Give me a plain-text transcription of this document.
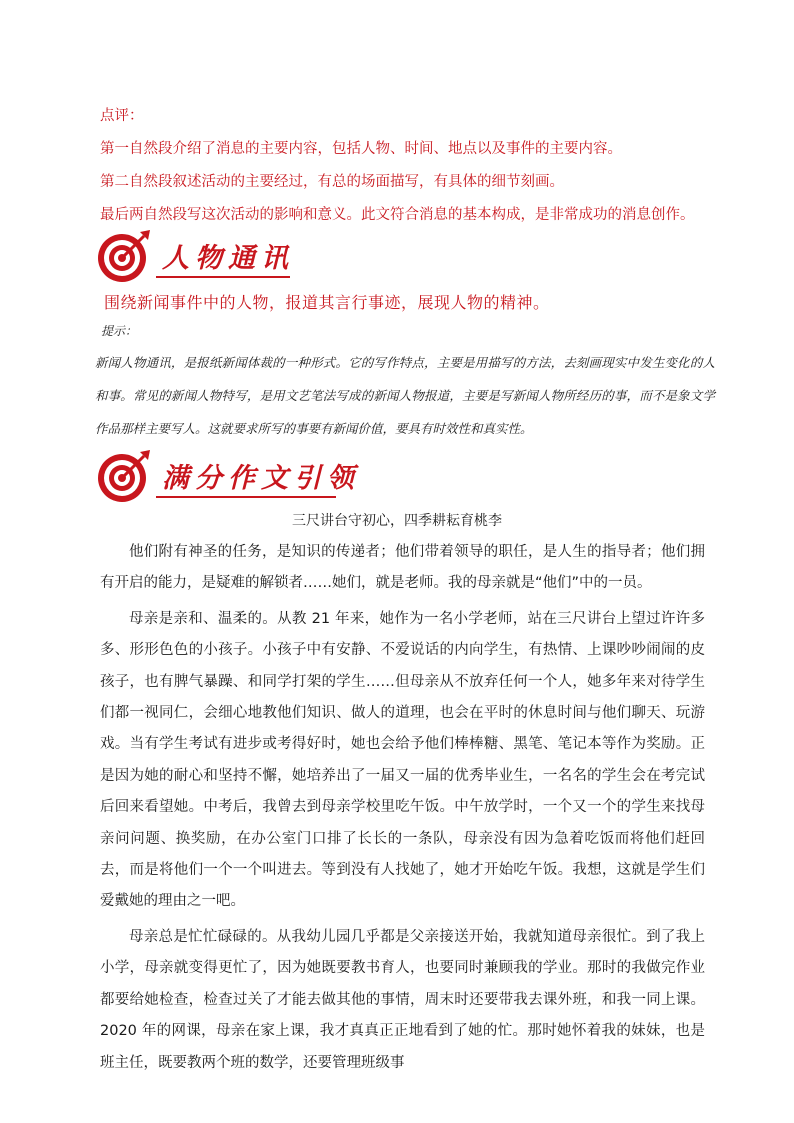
点评：

第一自然段介绍了消息的主要内容，包括人物、时间、地点以及事件的主要内容。

第二自然段叙述活动的主要经过，有总的场面描写，有具体的细节刻画。

最后两自然段写这次活动的影响和意义。此文符合消息的基本构成，是非常成功的消息创作。

人物通讯
围绕新闻事件中的人物，报道其言行事迹，展现人物的精神。
提示：

新闻人物通讯，是报纸新闻体裁的一种形式。它的写作特点，主要是用描写的方法，去刻画现实中发生变化的人和事。常见的新闻人物特写，是用文艺笔法写成的新闻人物报道，主要是写新闻人物所经历的事，而不是象文学作品那样主要写人。这就要求所写的事要有新闻价值，要具有时效性和真实性。

满分作文引领
三尺讲台守初心，四季耕耘育桃李

他们附有神圣的任务，是知识的传递者；他们带着领导的职任，是人生的指导者；他们拥有开启的能力，是疑难的解锁者……她们，就是老师。我的母亲就是“他们”中的一员。

母亲是亲和、温柔的。从教 21 年来，她作为一名小学老师，站在三尺讲台上望过许许多多、形形色色的小孩子。小孩子中有安静、不爱说话的内向学生，有热情、上课吵吵闹闹的皮孩子，也有脾气暴躁、和同学打架的学生……但母亲从不放弃任何一个人，她多年来对待学生们都一视同仁，会细心地教他们知识、做人的道理，也会在平时的休息时间与他们聊天、玩游戏。当有学生考试有进步或考得好时，她也会给予他们棒棒糖、黑笔、笔记本等作为奖励。正是因为她的耐心和坚持不懈，她培养出了一届又一届的优秀毕业生，一名名的学生会在考完试后回来看望她。中考后，我曾去到母亲学校里吃午饭。中午放学时，一个又一个的学生来找母亲问问题、换奖励，在办公室门口排了长长的一条队，母亲没有因为急着吃饭而将他们赶回去，而是将他们一个一个叫进去。等到没有人找她了，她才开始吃午饭。我想，这就是学生们爱戴她的理由之一吧。

母亲总是忙忙碌碌的。从我幼儿园几乎都是父亲接送开始，我就知道母亲很忙。到了我上小学，母亲就变得更忙了，因为她既要教书育人，也要同时兼顾我的学业。那时的我做完作业都要给她检查，检查过关了才能去做其他的事情，周末时还要带我去课外班，和我一同上课。2020 年的网课，母亲在家上课，我才真真正正地看到了她的忙。那时她怀着我的妹妹，也是班主任，既要教两个班的数学，还要管理班级事
